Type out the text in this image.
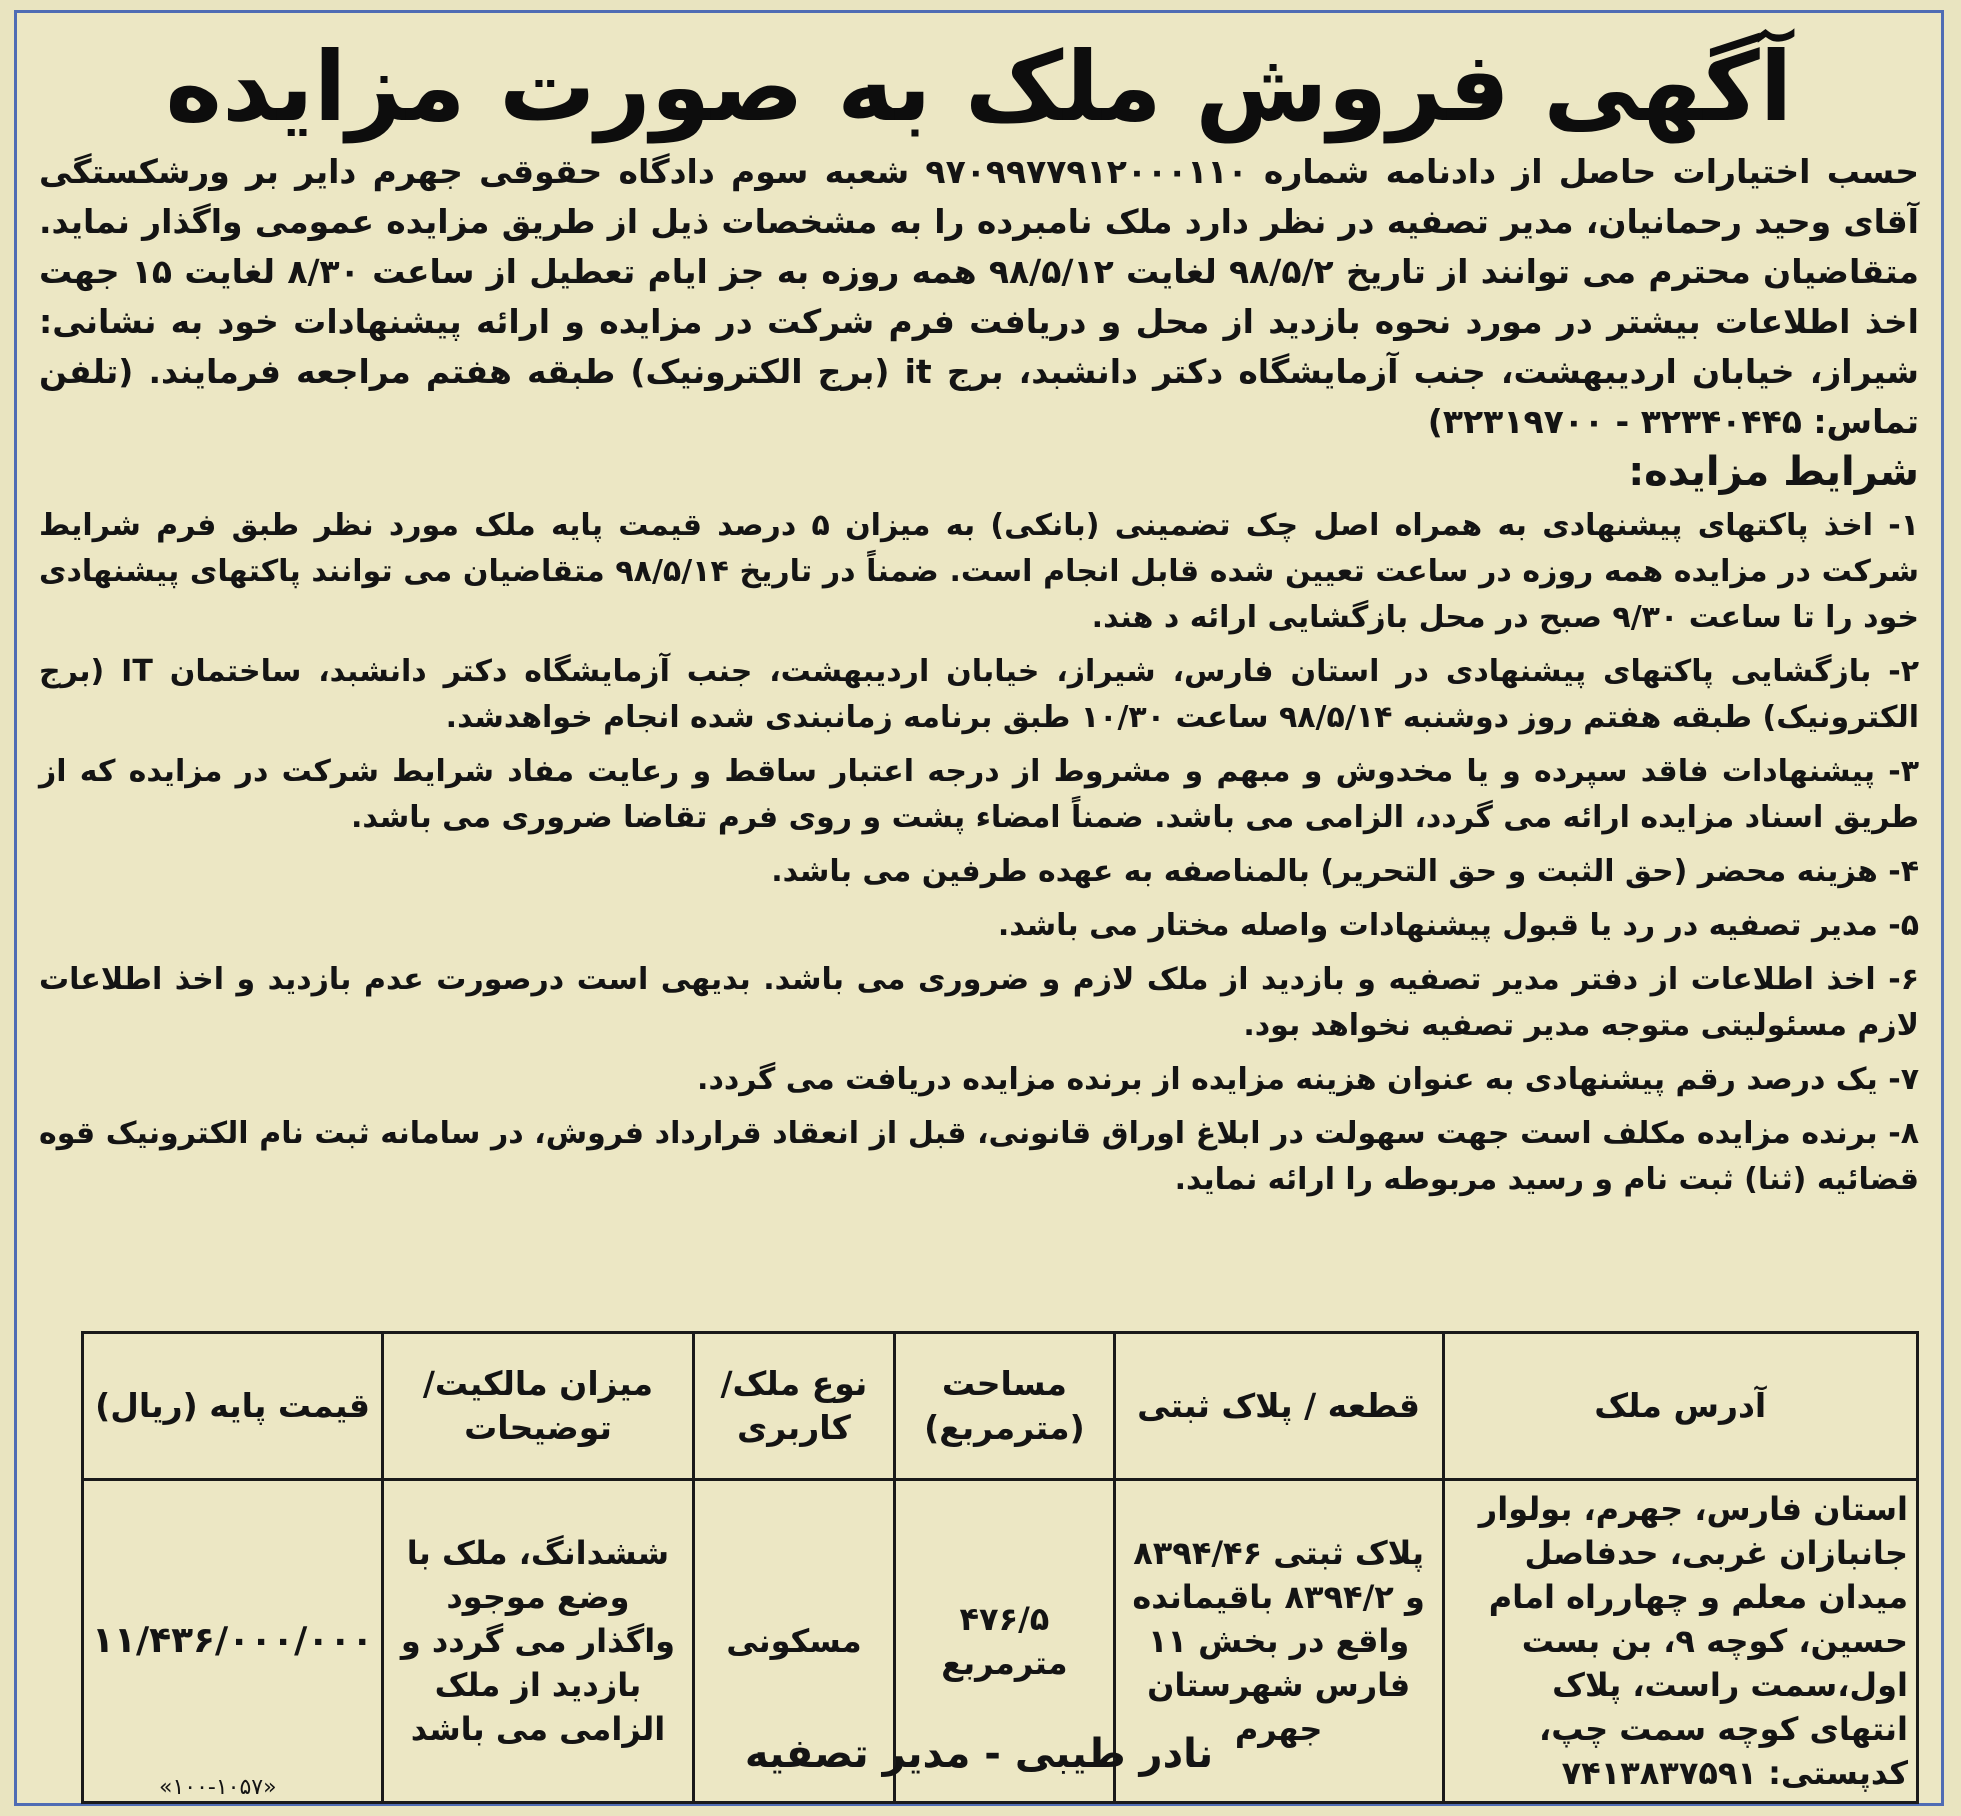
آگهی فروش ملک به صورت مزایده

حسب اختیارات حاصل از دادنامه شماره ۹۷۰۹۹۷۷۹۱۲۰۰۰۱۱۰ شعبه سوم دادگاه حقوقی جهرم دایر بر ورشکستگی آقای وحید رحمانیان، مدیر تصفیه در نظر دارد ملک نامبرده را به مشخصات ذیل از طریق مزایده عمومی واگذار نماید. متقاضیان محترم می توانند از تاریخ ۹۸/۵/۲ لغایت ۹۸/۵/۱۲ همه روزه به جز ایام تعطیل از ساعت ۸/۳۰ لغایت ۱۵ جهت اخذ اطلاعات بیشتر در مورد نحوه بازدید از محل و دریافت فرم شرکت در مزایده و ارائه پیشنهادات خود به نشانی: شیراز، خیابان اردیبهشت، جنب آزمایشگاه دکتر دانشبد، برج it (برج الکترونیک) طبقه هفتم مراجعه فرمایند. (تلفن تماس: ۳۲۳۴۰۴۴۵ - ۳۲۳۱۹۷۰۰)

شرایط مزایده:
۱- اخذ پاکتهای پیشنهادی به همراه اصل چک تضمینی (بانکی) به میزان ۵ درصد قیمت پایه ملک مورد نظر طبق فرم شرایط شرکت در مزایده همه روزه در ساعت تعیین شده قابل انجام است. ضمناً در تاریخ ۹۸/۵/۱۴ متقاضیان می توانند پاکتهای پیشنهادی خود را تا ساعت ۹/۳۰ صبح در محل بازگشایی ارائه د هند.
۲- بازگشایی پاکتهای پیشنهادی در استان فارس، شیراز، خیابان اردیبهشت، جنب آزمایشگاه دکتر دانشبد، ساختمان IT (برج الکترونیک) طبقه هفتم روز دوشنبه ۹۸/۵/۱۴ ساعت ۱۰/۳۰ طبق برنامه زمانبندی شده انجام خواهدشد.
۳- پیشنهادات فاقد سپرده و یا مخدوش و مبهم و مشروط از درجه اعتبار ساقط و رعایت مفاد شرایط شرکت در مزایده که از طریق اسناد مزایده ارائه می گردد، الزامی می باشد. ضمناً امضاء پشت و روی فرم تقاضا ضروری می باشد.
۴- هزینه محضر (حق الثبت و حق التحریر) بالمناصفه به عهده طرفین می باشد.
۵- مدیر تصفیه در رد یا قبول پیشنهادات واصله مختار می باشد.
۶- اخذ اطلاعات از دفتر مدیر تصفیه و بازدید از ملک لازم و ضروری می باشد. بدیهی است درصورت عدم بازدید و اخذ اطلاعات لازم مسئولیتی متوجه مدیر تصفیه نخواهد بود.
۷- یک درصد رقم پیشنهادی به عنوان هزینه مزایده از برنده مزایده دریافت می گردد.
۸- برنده مزایده مکلف است جهت سهولت در ابلاغ اوراق قانونی، قبل از انعقاد قرارداد فروش، در سامانه ثبت نام الکترونیک قوه قضائیه (ثنا) ثبت نام و رسید مربوطه را ارائه نماید.
آدرس ملک	قطعه / پلاک ثبتی	مساحت (مترمربع)	نوع ملک/ کاربری	میزان مالکیت/ توضیحات	قیمت پایه (ریال)
استان فارس، جهرم، بولوار جانبازان غربی، حدفاصل میدان معلم و چهارراه امام حسین، کوچه ۹، بن بست اول،سمت راست، پلاک انتهای کوچه سمت چپ، کدپستی: ۷۴۱۳۸۳۷۵۹۱	پلاک ثبتی ۸۳۹۴/۴۶ و ۸۳۹۴/۲ باقیمانده واقع در بخش ۱۱ فارس شهرستان جهرم	۴۷۶/۵ مترمربع	مسکونی	ششدانگ، ملک با وضع موجود واگذار می گردد و بازدید از ملک الزامی می باشد	۱۱/۴۳۶/۰۰۰/۰۰۰
نادر طیبی - مدیر تصفیه
«۱۰۰-۱۰۵۷»
